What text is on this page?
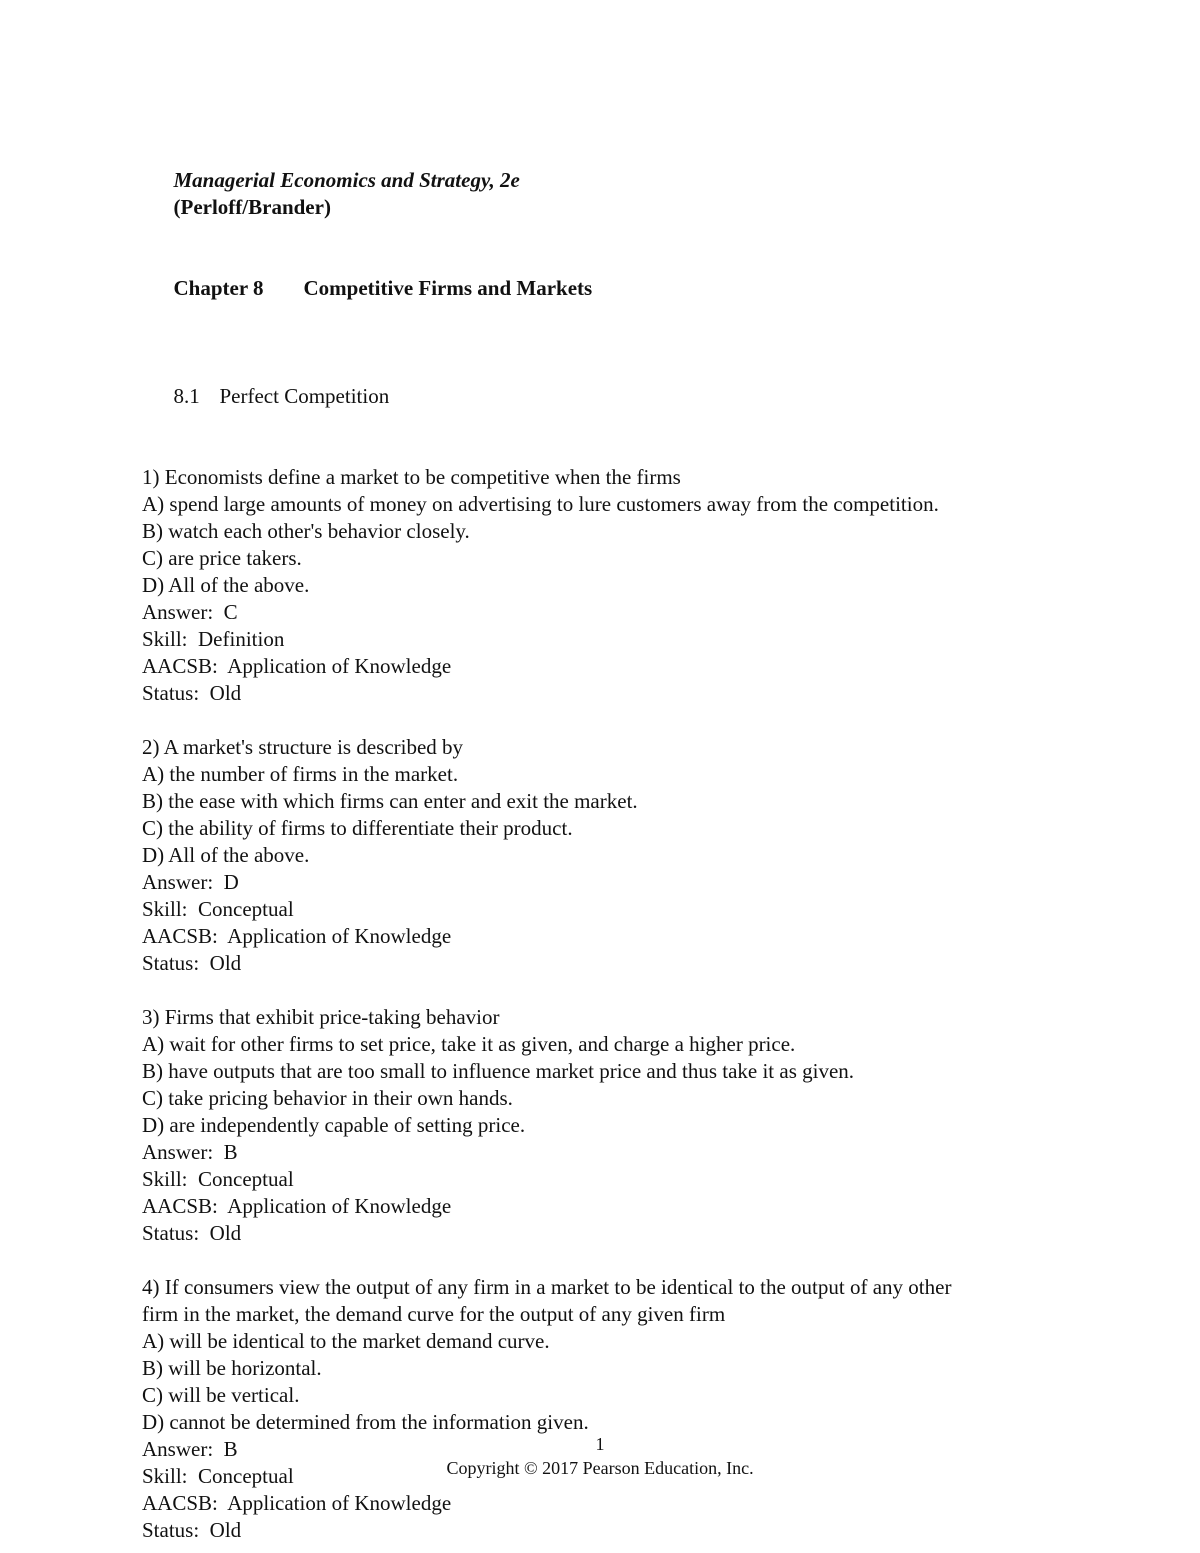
Managerial Economics and Strategy, 2e
(Perloff/Brander)

Chapter 8 Competitive Firms and Markets

8.1 Perfect Competition

1) Economists define a market to be competitive when the firms
A) spend large amounts of money on advertising to lure customers away from the competition.
B) watch each other's behavior closely.
C) are price takers.
D) All of the above.
Answer:  C
Skill:  Definition
AACSB:  Application of Knowledge
Status:  Old
2) A market's structure is described by
A) the number of firms in the market.
B) the ease with which firms can enter and exit the market.
C) the ability of firms to differentiate their product.
D) All of the above.
Answer:  D
Skill:  Conceptual
AACSB:  Application of Knowledge
Status:  Old
3) Firms that exhibit price-taking behavior
A) wait for other firms to set price, take it as given, and charge a higher price.
B) have outputs that are too small to influence market price and thus take it as given.
C) take pricing behavior in their own hands.
D) are independently capable of setting price.
Answer:  B
Skill:  Conceptual
AACSB:  Application of Knowledge
Status:  Old
4) If consumers view the output of any firm in a market to be identical to the output of any other
firm in the market, the demand curve for the output of any given firm
A) will be identical to the market demand curve.
B) will be horizontal.
C) will be vertical.
D) cannot be determined from the information given.
Answer:  B
Skill:  Conceptual
AACSB:  Application of Knowledge
Status:  Old
1
Copyright © 2017 Pearson Education, Inc.
